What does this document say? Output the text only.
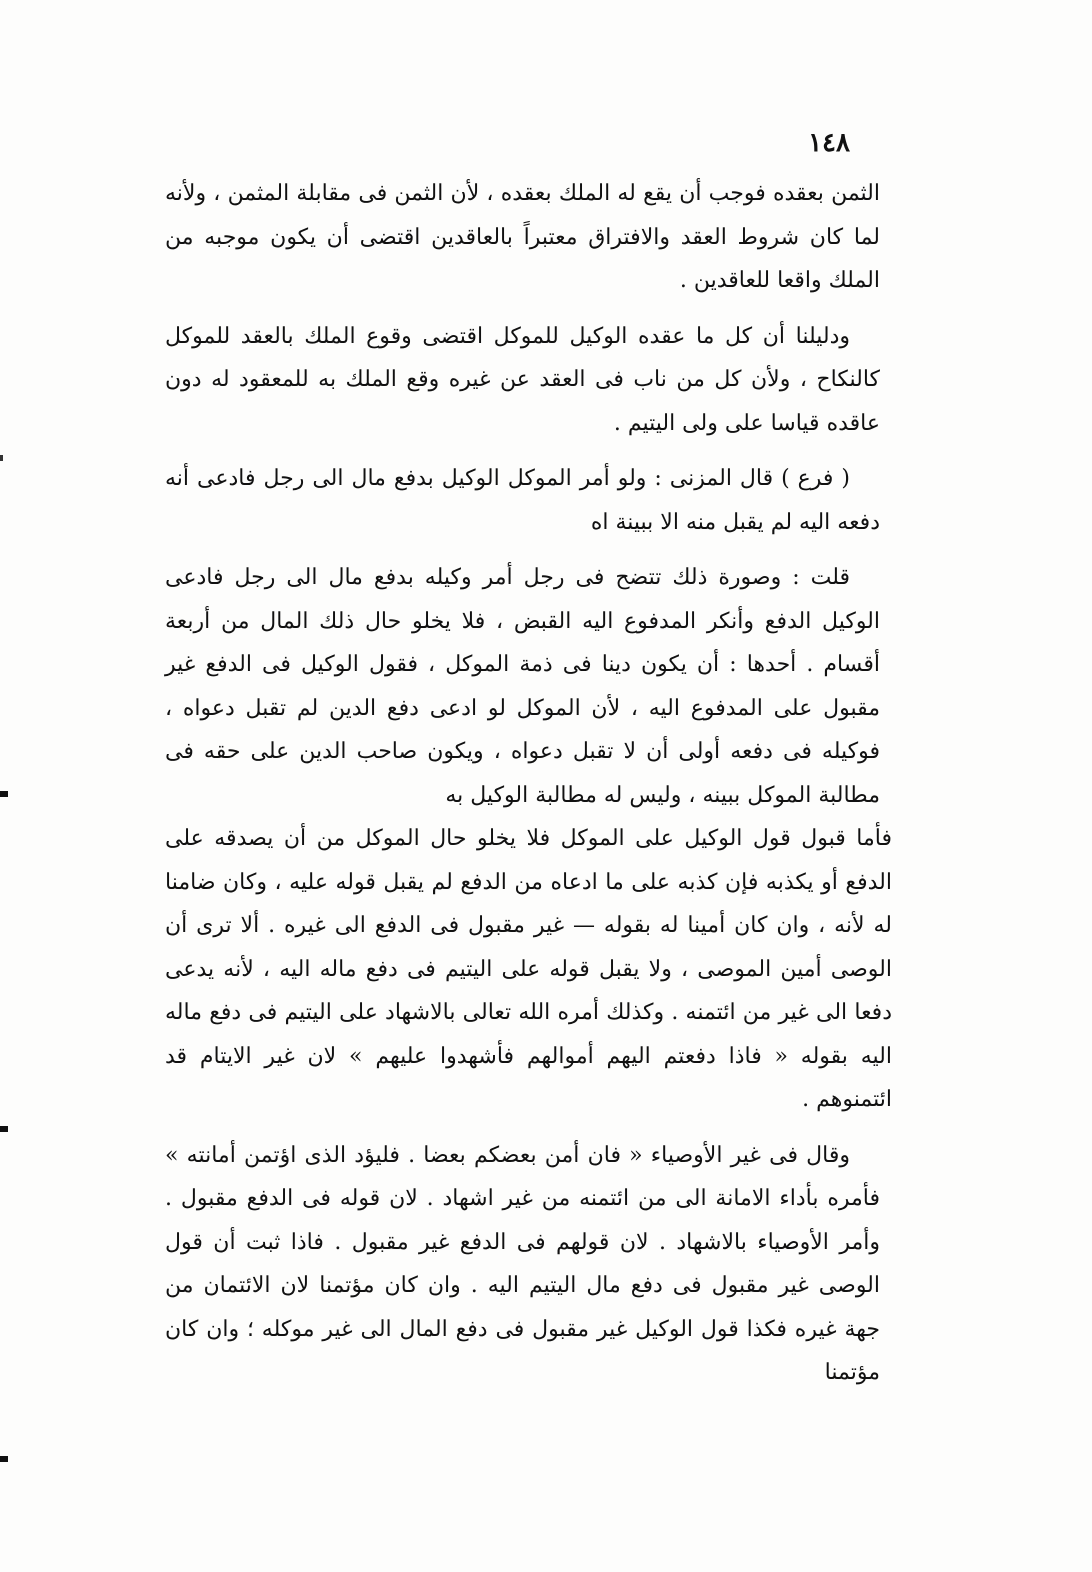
١٤٨

الثمن بعقده فوجب أن يقع له الملك بعقده ، لأن الثمن فى مقابلة المثمن ، ولأنه لما كان شروط العقد والافتراق معتبراً بالعاقدين اقتضى أن يكون موجبه من الملك واقعا للعاقدين .

ودليلنا أن كل ما عقده الوكيل للموكل اقتضى وقوع الملك بالعقد للموكل كالنكاح ، ولأن كل من ناب فى العقد عن غيره وقع الملك به للمعقود له دون عاقده قياسا على ولى اليتيم .

( فرع ) قال المزنى : ولو أمر الموكل الوكيل بدفع مال الى رجل فادعى أنه دفعه اليه لم يقبل منه الا ببينة اه

قلت : وصورة ذلك تتضح فى رجل أمر وكيله بدفع مال الى رجل فادعى الوكيل الدفع وأنكر المدفوع اليه القبض ، فلا يخلو حال ذلك المال من أربعة أقسام . أحدها : أن يكون دينا فى ذمة الموكل ، فقول الوكيل فى الدفع غير مقبول على المدفوع اليه ، لأن الموكل لو ادعى دفع الدين لم تقبل دعواه ، فوكيله فى دفعه أولى أن لا تقبل دعواه ، ويكون صاحب الدين على حقه فى مطالبة الموكل ببينه ، وليس له مطالبة الوكيل به

فأما قبول قول الوكيل على الموكل فلا يخلو حال الموكل من أن يصدقه على الدفع أو يكذبه فإن كذبه على ما ادعاه من الدفع لم يقبل قوله عليه ، وكان ضامنا له لأنه ، وان كان أمينا له بقوله — غير مقبول فى الدفع الى غيره . ألا ترى أن الوصى أمين الموصى ، ولا يقبل قوله على اليتيم فى دفع ماله اليه ، لأنه يدعى دفعا الى غير من ائتمنه . وكذلك أمره الله تعالى بالاشهاد على اليتيم فى دفع ماله اليه بقوله « فاذا دفعتم اليهم أموالهم فأشهدوا عليهم » لان غير الايتام قد ائتمنوهم .

وقال فى غير الأوصياء « فان أمن بعضكم بعضا . فليؤد الذى اؤتمن أمانته » فأمره بأداء الامانة الى من ائتمنه من غير اشهاد . لان قوله فى الدفع مقبول . وأمر الأوصياء بالاشهاد . لان قولهم فى الدفع غير مقبول . فاذا ثبت أن قول الوصى غير مقبول فى دفع مال اليتيم اليه . وان كان مؤتمنا لان الائتمان من جهة غيره فكذا قول الوكيل غير مقبول فى دفع المال الى غير موكله ؛ وان كان مؤتمنا
